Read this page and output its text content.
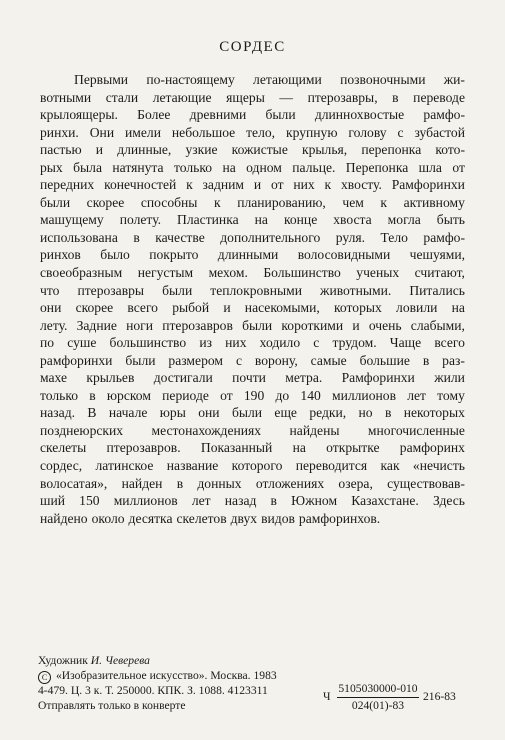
СОРДЕС
Первыми по-настоящему летающими позвоночными жи-
вотными стали летающие ящеры — птерозавры, в переводе
крылоящеры. Более древними были длиннохвостые рамфо-
ринхи. Они имели небольшое тело, крупную голову с зубастой
пастью и длинные, узкие кожистые крылья, перепонка кото-
рых была натянута только на одном пальце. Перепонка шла от
передних конечностей к задним и от них к хвосту. Рамфоринхи
были скорее способны к планированию, чем к активному
машущему полету. Пластинка на конце хвоста могла быть
использована в качестве дополнительного руля. Тело рамфо-
ринхов было покрыто длинными волосовидными чешуями,
своеобразным негустым мехом. Большинство ученых считают,
что птерозавры были теплокровными животными. Питались
они скорее всего рыбой и насекомыми, которых ловили на
лету. Задние ноги птерозавров были короткими и очень слабыми,
по суше большинство из них ходило с трудом. Чаще всего
рамфоринхи были размером с ворону, самые большие в раз-
махе крыльев достигали почти метра. Рамфоринхи жили
только в юрском периоде от 190 до 140 миллионов лет тому
назад. В начале юры они были еще редки, но в некоторых
позднеюрских местонахождениях найдены многочисленные
скелеты птерозавров. Показанный на открытке рамфоринх
сордес, латинское название которого переводится как «нечисть
волосатая», найден в донных отложениях озера, существовав-
ший 150 миллионов лет назад в Южном Казахстане. Здесь
найдено около десятка скелетов двух видов рамфоринхов.
Художник И. Чеверева
C «Изобразительное искусство». Москва. 1983
4-479. Ц. 3 к. Т. 250000. КПК. З. 1088. 4123311
Отправлять только в конверте
Ч $\frac{5105030000-010}{024(01)-83} 216-83$
